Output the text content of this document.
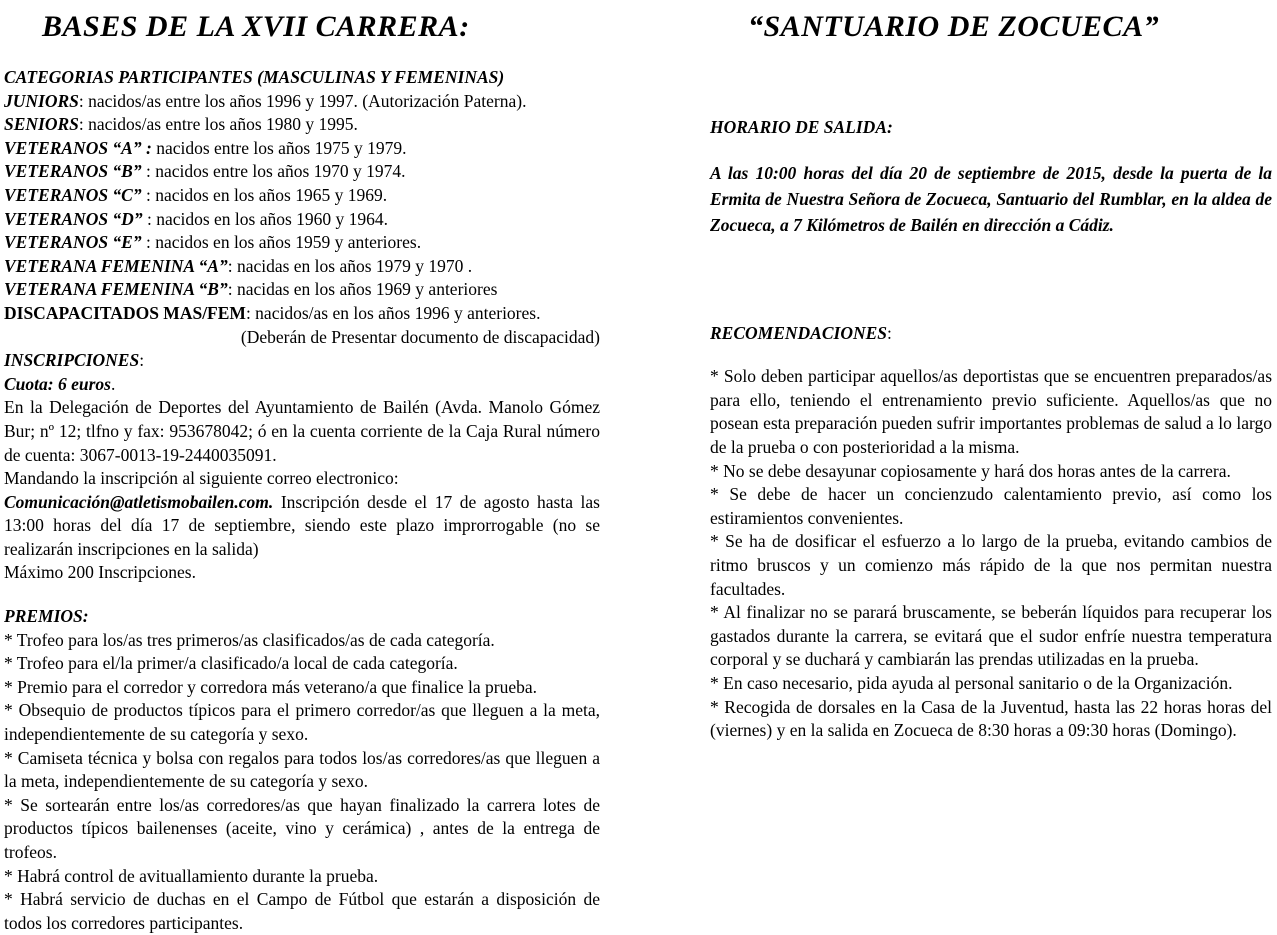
BASES DE LA XVII CARRERA:	“SANTUARIO DE ZOCUECA”
CATEGORIAS PARTICIPANTES (MASCULINAS Y FEMENINAS)
JUNIORS: nacidos/as entre los años 1996 y 1997. (Autorización Paterna).
SENIORS: nacidos/as entre los años 1980 y 1995.
VETERANOS “A” : nacidos entre los años 1975 y 1979.
VETERANOS “B” : nacidos entre los años 1970 y 1974.
VETERANOS “C” : nacidos en los años 1965 y 1969.
VETERANOS “D” : nacidos en los años 1960 y 1964.
VETERANOS “E” : nacidos en los años 1959 y anteriores.
VETERANA FEMENINA “A”: nacidas en los años 1979 y 1970 .
VETERANA FEMENINA “B”: nacidas en los años 1969 y anteriores
DISCAPACITADOS MAS/FEM: nacidos/as en los años 1996 y anteriores.
(Deberán de Presentar documento de discapacidad)
INSCRIPCIONES:
Cuota: 6 euros.

En la Delegación de Deportes del Ayuntamiento de Bailén (Avda. Manolo Gómez Bur; nº 12; tlfno y fax: 953678042; ó en la cuenta corriente de la Caja Rural número de cuenta: 3067-0013-19-2440035091.

Mandando la inscripción al siguiente correo electronico:

Comunicación@atletismobailen.com. Inscripción desde el 17 de agosto hasta las 13:00 horas del día 17 de septiembre, siendo este plazo improrrogable (no se realizarán inscripciones en la salida)

Máximo 200 Inscripciones.
PREMIOS:

* Trofeo para los/as tres primeros/as clasificados/as de cada categoría.

* Trofeo para el/la primer/a clasificado/a local de cada categoría.

* Premio para el corredor y corredora más veterano/a que finalice la prueba.

* Obsequio de productos típicos para el primero corredor/as que lleguen a la meta, independientemente de su categoría y sexo.

* Camiseta técnica y bolsa con regalos para todos los/as corredores/as que lleguen a la meta, independientemente de su categoría y sexo.

* Se sortearán entre los/as corredores/as que hayan finalizado la carrera lotes de productos típicos bailenenses (aceite, vino y cerámica) , antes de la entrega de trofeos.

* Habrá control de avituallamiento durante la prueba.

* Habrá servicio de duchas en el Campo de Fútbol que estarán a disposición de todos los corredores participantes.

HORARIO DE SALIDA:

A las 10:00 horas del día 20 de septiembre de 2015, desde la puerta de la Ermita de Nuestra Señora de Zocueca, Santuario del Rumblar, en la aldea de Zocueca, a 7 Kilómetros de Bailén en dirección a Cádiz.

RECOMENDACIONES:

* Solo deben participar aquellos/as deportistas que se encuentren preparados/as para ello, teniendo el entrenamiento previo suficiente. Aquellos/as que no posean esta preparación pueden sufrir importantes problemas de salud a lo largo de la prueba o con posterioridad a la misma.

* No se debe desayunar copiosamente y hará dos horas antes de la carrera.

* Se debe de hacer un concienzudo calentamiento previo, así como los estiramientos convenientes.

* Se ha de dosificar el esfuerzo a lo largo de la prueba, evitando cambios de ritmo bruscos y un comienzo más rápido de la que nos permitan nuestra facultades.

* Al finalizar no se parará bruscamente, se beberán líquidos para recuperar los gastados durante la carrera, se evitará que el sudor enfríe nuestra temperatura corporal y se duchará y cambiarán las prendas utilizadas en la prueba.

* En caso necesario, pida ayuda al personal sanitario o de la Organización.

* Recogida de dorsales en la Casa de la Juventud, hasta las 22 horas horas del (viernes) y en la salida en Zocueca de 8:30 horas a 09:30 horas (Domingo).
